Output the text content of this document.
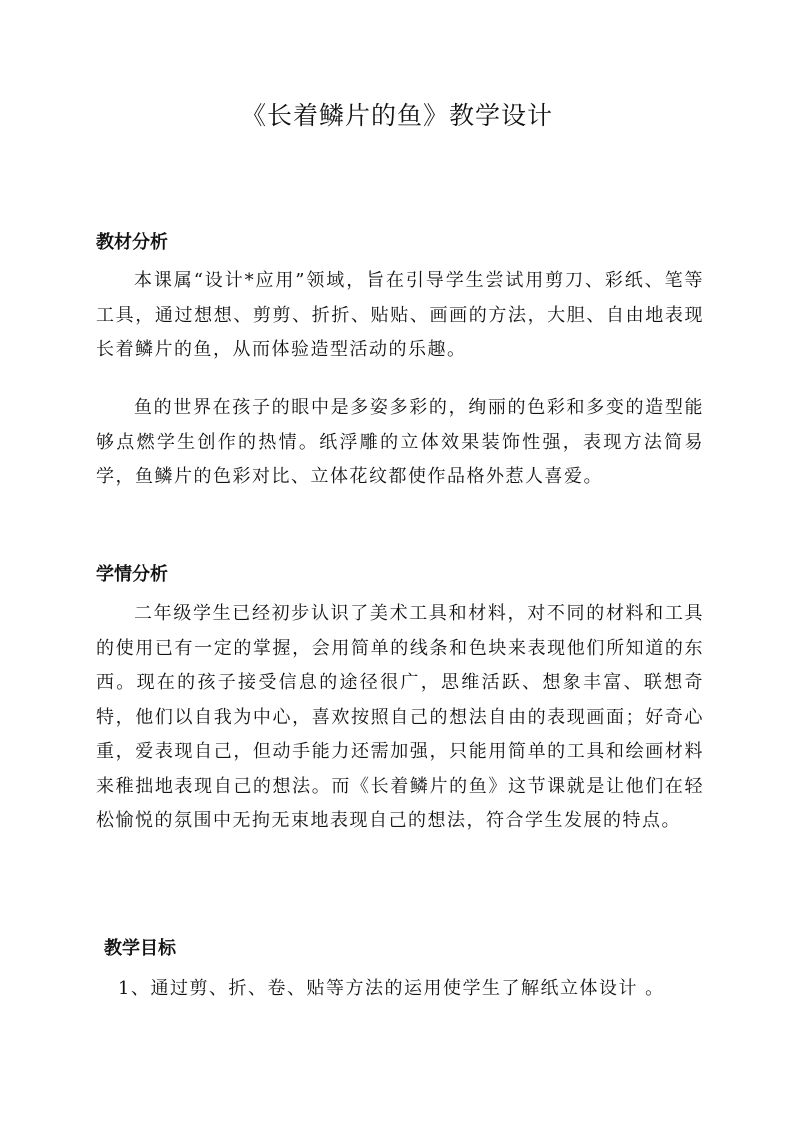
《长着鳞片的鱼》教学设计
教材分析

本课属“设计*应用”领域，旨在引导学生尝试用剪刀、彩纸、笔等工具，通过想想、剪剪、折折、贴贴、画画的方法，大胆、自由地表现长着鳞片的鱼，从而体验造型活动的乐趣。

鱼的世界在孩子的眼中是多姿多彩的，绚丽的色彩和多变的造型能够点燃学生创作的热情。纸浮雕的立体效果装饰性强，表现方法简易学，鱼鳞片的色彩对比、立体花纹都使作品格外惹人喜爱。

学情分析

二年级学生已经初步认识了美术工具和材料，对不同的材料和工具的使用已有一定的掌握，会用简单的线条和色块来表现他们所知道的东西。现在的孩子接受信息的途径很广，思维活跃、想象丰富、联想奇特，他们以自我为中心，喜欢按照自己的想法自由的表现画面；好奇心重，爱表现自己，但动手能力还需加强，只能用简单的工具和绘画材料来稚拙地表现自己的想法。而《长着鳞片的鱼》这节课就是让他们在轻松愉悦的氛围中无拘无束地表现自己的想法，符合学生发展的特点。

教学目标
1、通过剪、折、卷、贴等方法的运用使学生了解纸立体设计 。
